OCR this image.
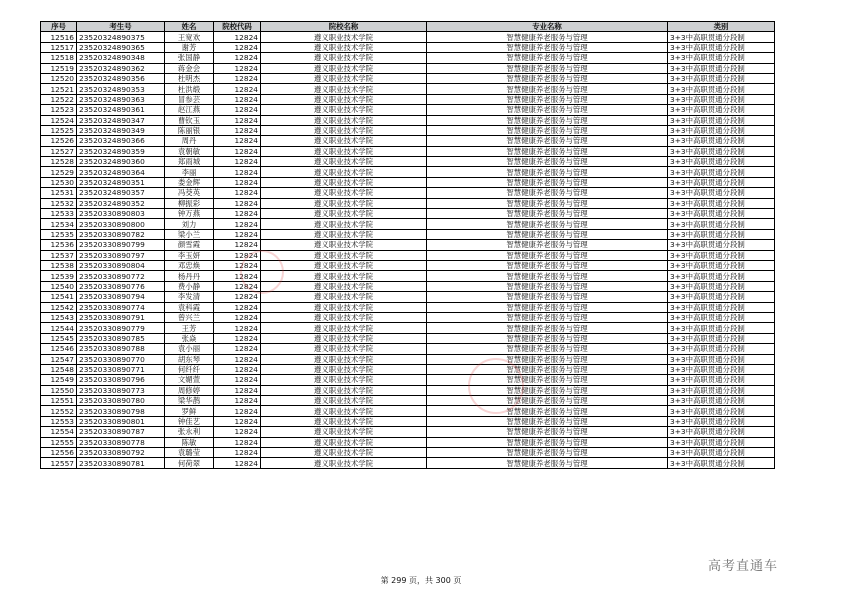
序号	考生号	姓名	院校代码	院校名称	专业名称	类别
12516	23520324890375	王宽欢	12824	遵义职业技术学院	智慧健康养老服务与管理	3+3中高职贯通分段制
12517	23520324890365	谢芳	12824	遵义职业技术学院	智慧健康养老服务与管理	3+3中高职贯通分段制
12518	23520324890348	张国静	12824	遵义职业技术学院	智慧健康养老服务与管理	3+3中高职贯通分段制
12519	23520324890362	蒋金会	12824	遵义职业技术学院	智慧健康养老服务与管理	3+3中高职贯通分段制
12520	23520324890356	杜明杰	12824	遵义职业技术学院	智慧健康养老服务与管理	3+3中高职贯通分段制
12521	23520324890353	杜洪缎	12824	遵义职业技术学院	智慧健康养老服务与管理	3+3中高职贯通分段制
12522	23520324890363	冒参芸	12824	遵义职业技术学院	智慧健康养老服务与管理	3+3中高职贯通分段制
12523	23520324890361	赵江燕	12824	遵义职业技术学院	智慧健康养老服务与管理	3+3中高职贯通分段制
12524	23520324890347	曹钦玉	12824	遵义职业技术学院	智慧健康养老服务与管理	3+3中高职贯通分段制
12525	23520324890349	陈丽银	12824	遵义职业技术学院	智慧健康养老服务与管理	3+3中高职贯通分段制
12526	23520324890366	周丹	12824	遵义职业技术学院	智慧健康养老服务与管理	3+3中高职贯通分段制
12527	23520324890359	袁朝敏	12824	遵义职业技术学院	智慧健康养老服务与管理	3+3中高职贯通分段制
12528	23520324890360	郑雨城	12824	遵义职业技术学院	智慧健康养老服务与管理	3+3中高职贯通分段制
12529	23520324890364	李丽	12824	遵义职业技术学院	智慧健康养老服务与管理	3+3中高职贯通分段制
12530	23520324890351	娄金辉	12824	遵义职业技术学院	智慧健康养老服务与管理	3+3中高职贯通分段制
12531	23520324890357	冯茭英	12824	遵义职业技术学院	智慧健康养老服务与管理	3+3中高职贯通分段制
12532	23520324890352	柳振彩	12824	遵义职业技术学院	智慧健康养老服务与管理	3+3中高职贯通分段制
12533	23520330890803	钟万燕	12824	遵义职业技术学院	智慧健康养老服务与管理	3+3中高职贯通分段制
12534	23520330890800	刘力	12824	遵义职业技术学院	智慧健康养老服务与管理	3+3中高职贯通分段制
12535	23520330890782	梁小兰	12824	遵义职业技术学院	智慧健康养老服务与管理	3+3中高职贯通分段制
12536	23520330890799	颜雪霞	12824	遵义职业技术学院	智慧健康养老服务与管理	3+3中高职贯通分段制
12537	23520330890797	李玉妍	12824	遵义职业技术学院	智慧健康养老服务与管理	3+3中高职贯通分段制
12538	23520330890804	邓忠焕	12824	遵义职业技术学院	智慧健康养老服务与管理	3+3中高职贯通分段制
12539	23520330890772	杨丹丹	12824	遵义职业技术学院	智慧健康养老服务与管理	3+3中高职贯通分段制
12540	23520330890776	费小静	12824	遵义职业技术学院	智慧健康养老服务与管理	3+3中高职贯通分段制
12541	23520330890794	李发清	12824	遵义职业技术学院	智慧健康养老服务与管理	3+3中高职贯通分段制
12542	23520330890774	袁科霞	12824	遵义职业技术学院	智慧健康养老服务与管理	3+3中高职贯通分段制
12543	23520330890791	曾兴兰	12824	遵义职业技术学院	智慧健康养老服务与管理	3+3中高职贯通分段制
12544	23520330890779	王芳	12824	遵义职业技术学院	智慧健康养老服务与管理	3+3中高职贯通分段制
12545	23520330890785	张焱	12824	遵义职业技术学院	智慧健康养老服务与管理	3+3中高职贯通分段制
12546	23520330890788	袁小丽	12824	遵义职业技术学院	智慧健康养老服务与管理	3+3中高职贯通分段制
12547	23520330890770	胡东琴	12824	遵义职业技术学院	智慧健康养老服务与管理	3+3中高职贯通分段制
12548	23520330890771	何纤纤	12824	遵义职业技术学院	智慧健康养老服务与管理	3+3中高职贯通分段制
12549	23520330890796	文媚萱	12824	遵义职业技术学院	智慧健康养老服务与管理	3+3中高职贯通分段制
12550	23520330890773	周修婷	12824	遵义职业技术学院	智慧健康养老服务与管理	3+3中高职贯通分段制
12551	23520330890780	梁华鹊	12824	遵义职业技术学院	智慧健康养老服务与管理	3+3中高职贯通分段制
12552	23520330890798	罗鲜	12824	遵义职业技术学院	智慧健康养老服务与管理	3+3中高职贯通分段制
12553	23520330890801	钟佳艺	12824	遵义职业技术学院	智慧健康养老服务与管理	3+3中高职贯通分段制
12554	23520330890787	张永利	12824	遵义职业技术学院	智慧健康养老服务与管理	3+3中高职贯通分段制
12555	23520330890778	陈敏	12824	遵义职业技术学院	智慧健康养老服务与管理	3+3中高职贯通分段制
12556	23520330890792	袁璐莹	12824	遵义职业技术学院	智慧健康养老服务与管理	3+3中高职贯通分段制
12557	23520330890781	何荷翠	12824	遵义职业技术学院	智慧健康养老服务与管理	3+3中高职贯通分段制
​
第 299 页，共 300 页
高考直通车
